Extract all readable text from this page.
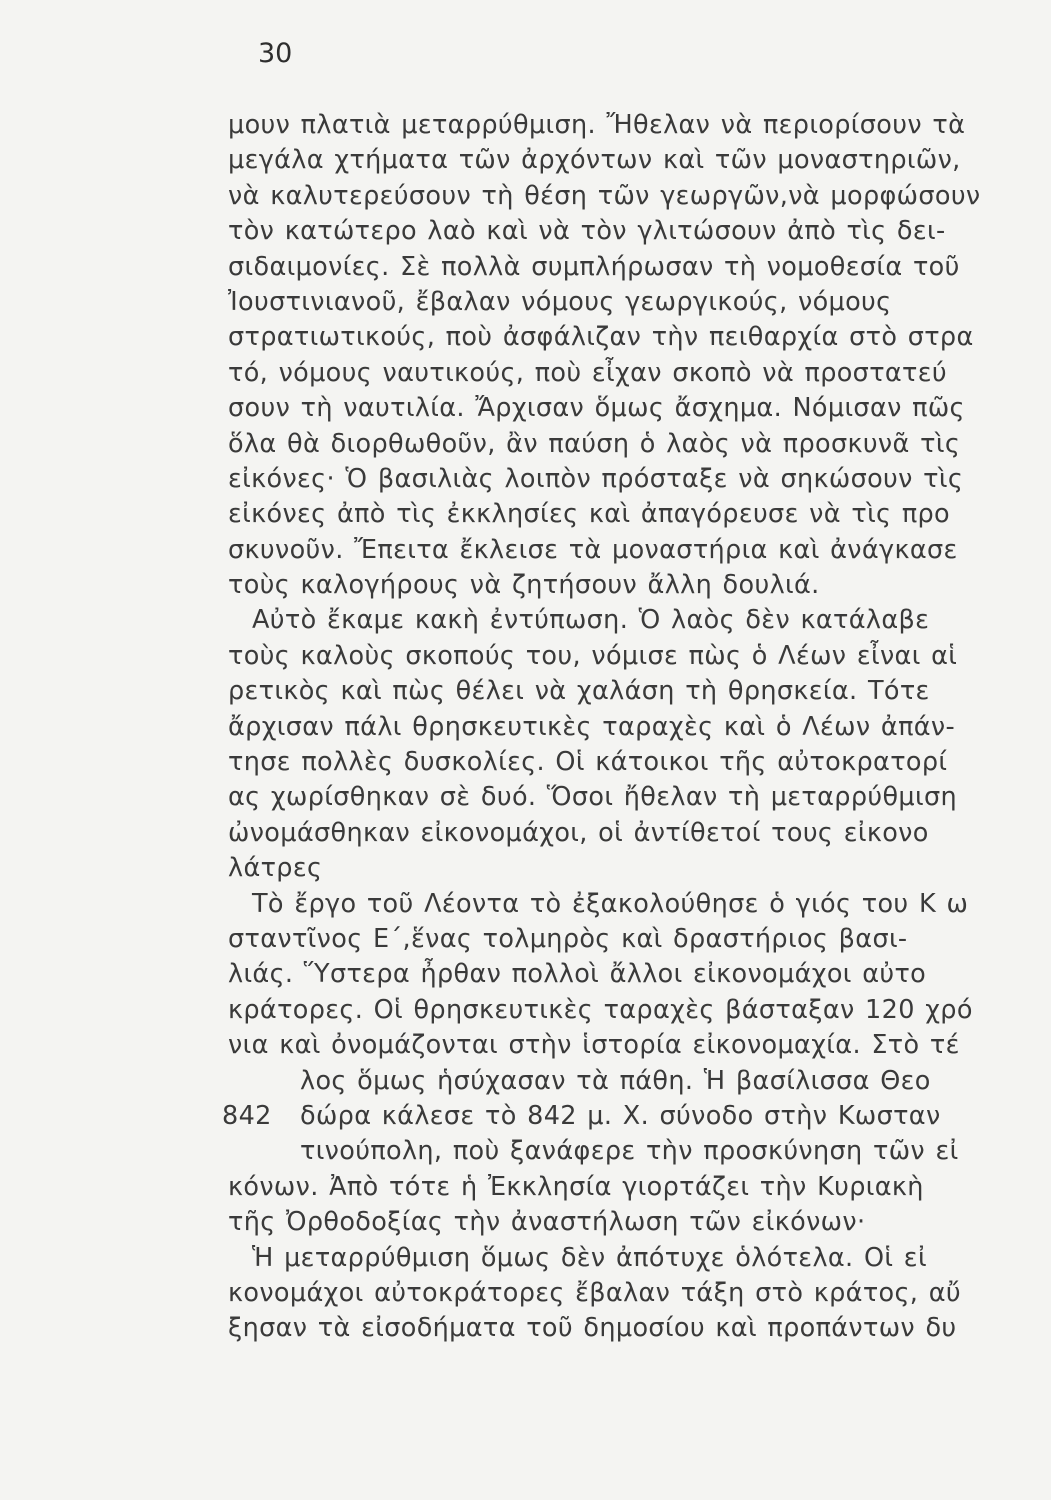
30
μουν πλατιὰ μεταρρύθμιση. Ἤθελαν νὰ περιορίσουν τὰ
μεγάλα χτήματα τῶν ἀρχόντων καὶ τῶν μοναστηριῶν,
νὰ καλυτερεύσουν τὴ θέση τῶν γεωργῶν,νὰ μορφώσουν
τὸν κατώτερο λαὸ καὶ νὰ τὸν γλιτώσουν ἀπὸ τὶς δει-
σιδαιμονίες. Σὲ πολλὰ συμπλήρωσαν τὴ νομοθεσία τοῦ
Ἰουστινιανοῦ, ἔβαλαν νόμους γεωργικούς, νόμους
στρατιωτικούς, ποὺ ἀσφάλιζαν τὴν πειθαρχία στὸ στρα
τό, νόμους ναυτικούς, ποὺ εἶχαν σκοπὸ νὰ προστατεύ
σουν τὴ ναυτιλία. Ἄρχισαν ὅμως ἄσχημα. Νόμισαν πῶς
ὅλα θὰ διορθωθοῦν, ἂν παύση ὁ λαὸς νὰ προσκυνᾶ τὶς
εἰκόνες· Ὁ βασιλιὰς λοιπὸν πρόσταξε νὰ σηκώσουν τὶς
εἰκόνες ἀπὸ τὶς ἐκκλησίες καὶ ἀπαγόρευσε νὰ τὶς προ
σκυνοῦν. Ἔπειτα ἔκλεισε τὰ μοναστήρια καὶ ἀνάγκασε
τοὺς καλογήρους νὰ ζητήσουν ἄλλη δουλιά.
Αὐτὸ ἔκαμε κακὴ ἐντύπωση. Ὁ λαὸς δὲν κατάλαβε
τοὺς καλοὺς σκοπούς του, νόμισε πὼς ὁ Λέων εἶναι αἱ
ρετικὸς καὶ πὼς θέλει νὰ χαλάση τὴ θρησκεία. Τότε
ἄρχισαν πάλι θρησκευτικὲς ταραχὲς καὶ ὁ Λέων ἀπάν-
τησε πολλὲς δυσκολίες. Οἱ κάτοικοι τῆς αὐτοκρατορί
ας χωρίσθηκαν σὲ δυό. Ὅσοι ἤθελαν τὴ μεταρρύθμιση
ὠνομάσθηκαν εἰκονομάχοι, οἱ ἀντίθετοί τους εἰκονο
λάτρες
Τὸ ἔργο τοῦ Λέοντα τὸ ἐξακολούθησε ὁ γιός του Κ ω
σταντῖνος Ε΄,ἕνας τολμηρὸς καὶ δραστήριος βασι-
λιάς. Ὕστερα ἦρθαν πολλοὶ ἄλλοι εἰκονομάχοι αὐτο
κράτορες. Οἱ θρησκευτικὲς ταραχὲς βάσταξαν 120 χρό
νια καὶ ὀνομάζονται στὴν ἱστορία εἰκονομαχία. Στὸ τέ
λος ὅμως ἡσύχασαν τὰ πάθη. Ἡ βασίλισσα Θεο
842 δώρα κάλεσε τὸ 842 μ. Χ. σύνοδο στὴν Κωσταν
τινούπολη, ποὺ ξανάφερε τὴν προσκύνηση τῶν εἰ
κόνων. Ἀπὸ τότε ἡ Ἐκκλησία γιορτάζει τὴν Κυριακὴ
τῆς Ὀρθοδοξίας τὴν ἀναστήλωση τῶν εἰκόνων·
Ἡ μεταρρύθμιση ὅμως δὲν ἀπότυχε ὁλότελα. Οἱ εἰ
κονομάχοι αὐτοκράτορες ἔβαλαν τάξη στὸ κράτος, αὔ
ξησαν τὰ εἰσοδήματα τοῦ δημοσίου καὶ προπάντων δυ
